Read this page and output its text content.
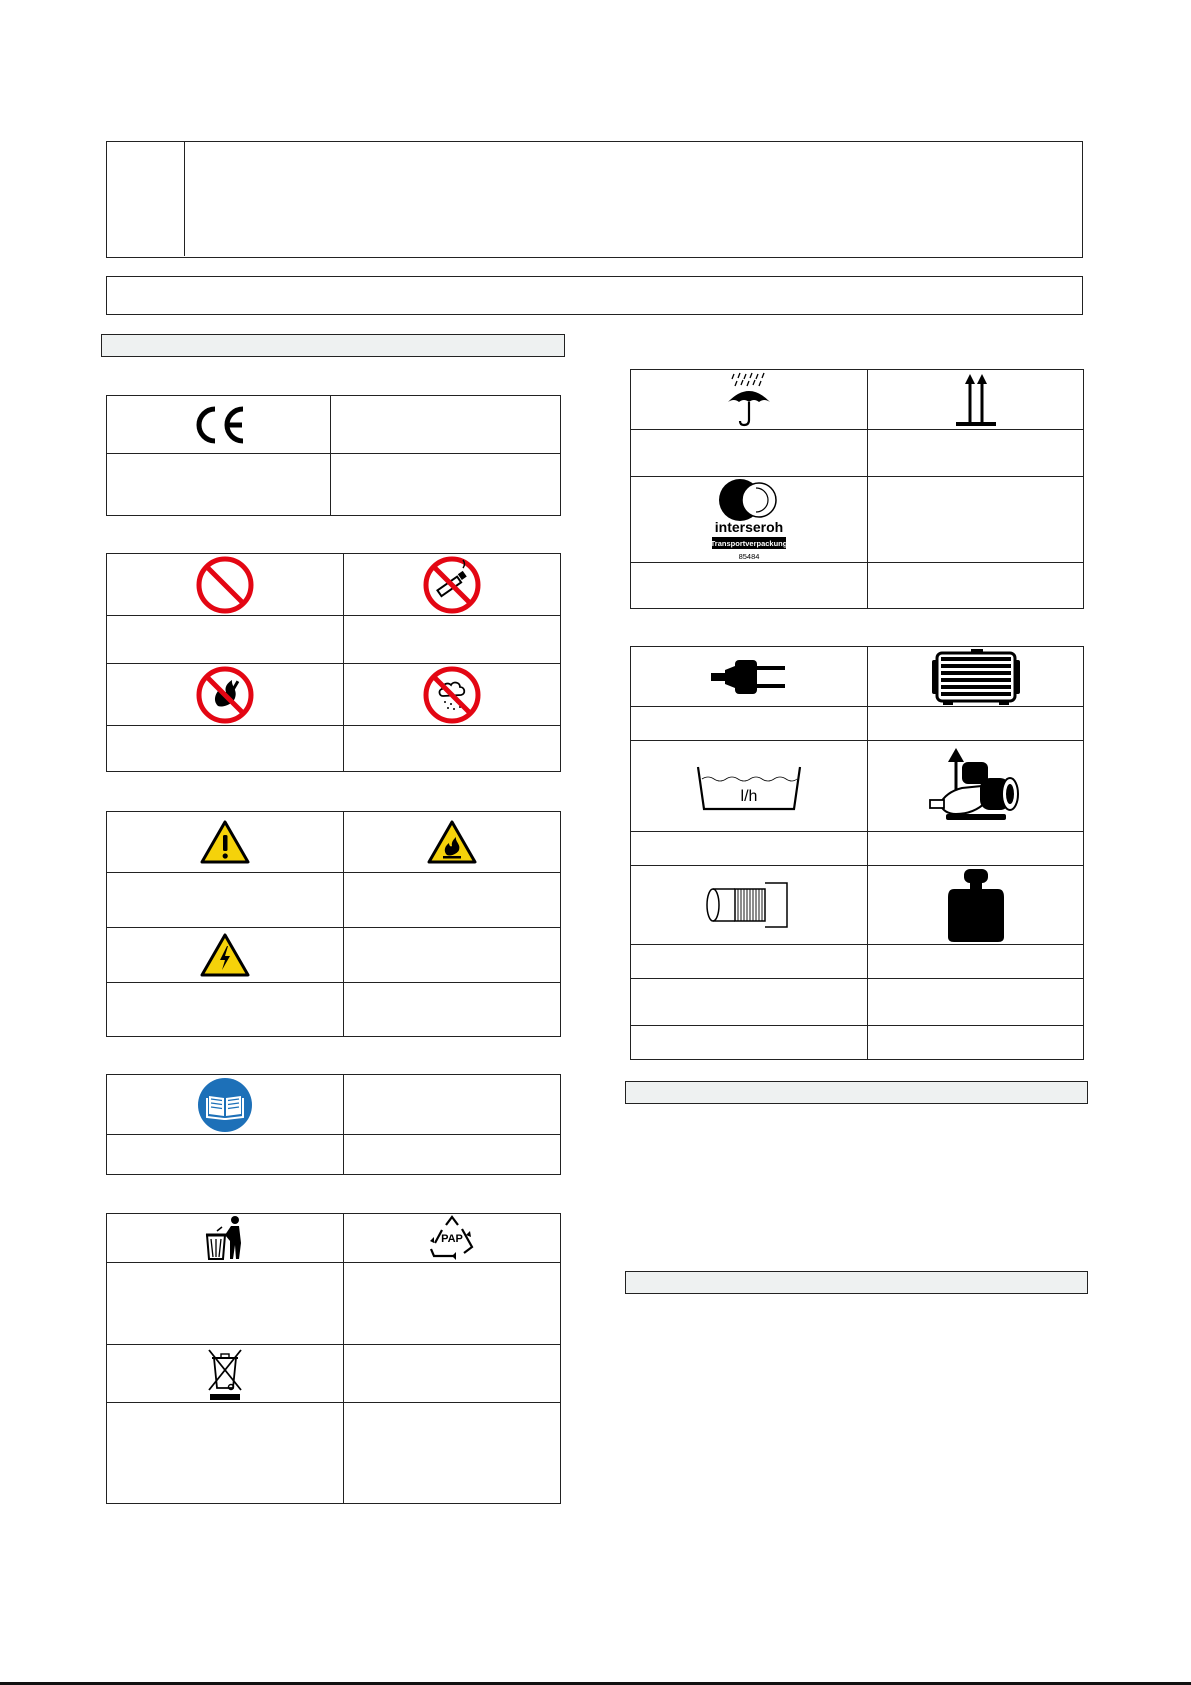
PAP

interseroh
Transportverpackung
85484	

l/h
